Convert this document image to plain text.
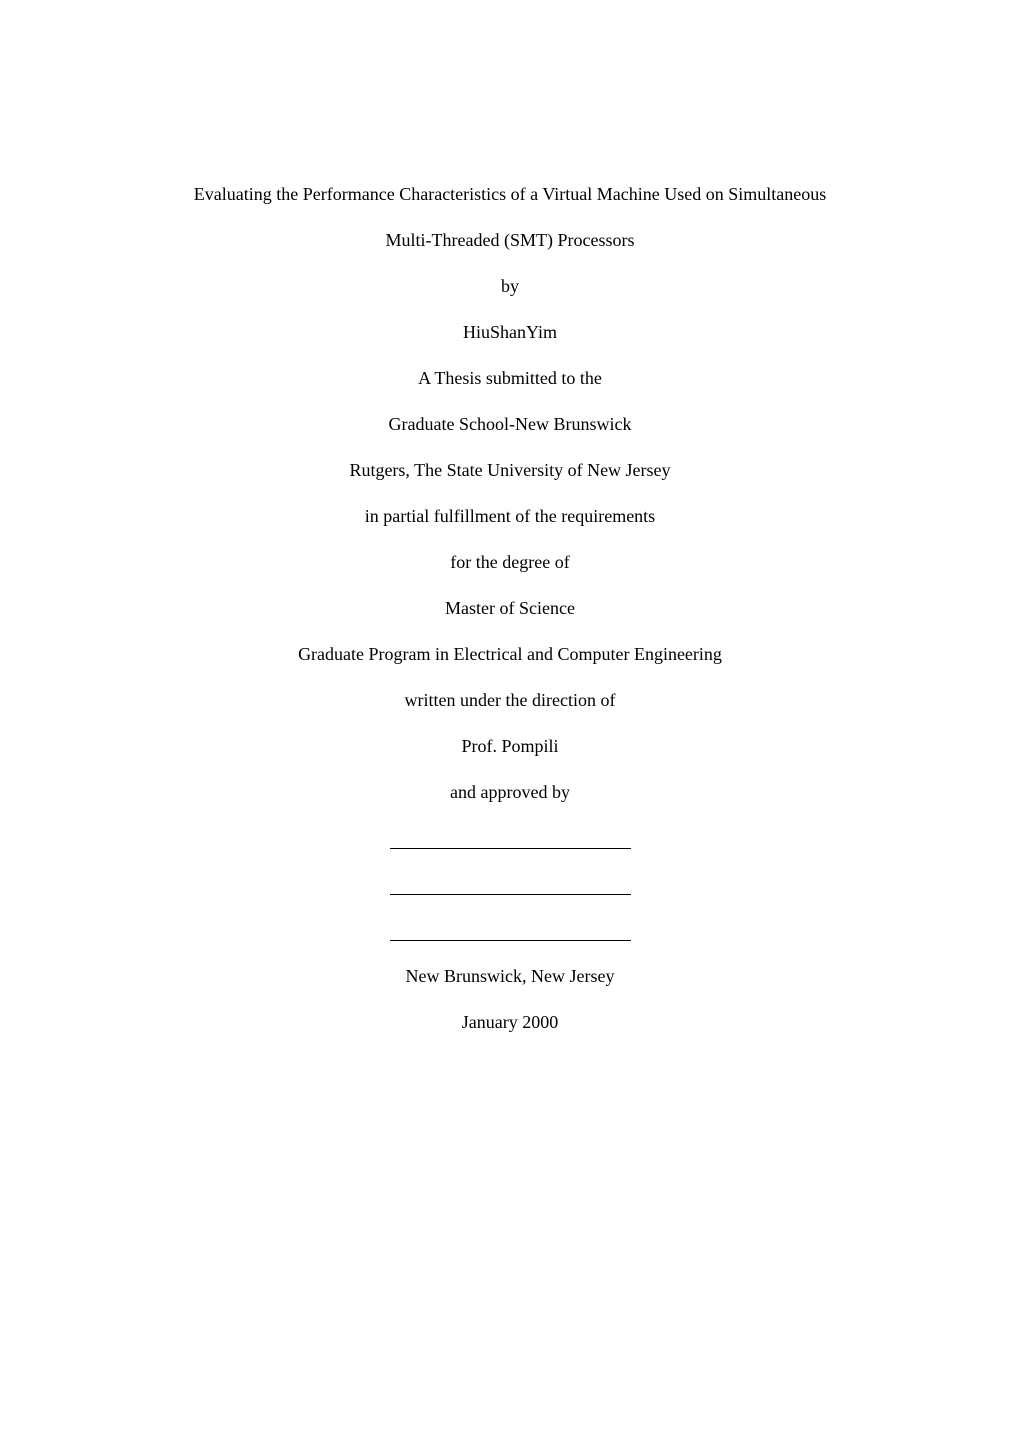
Evaluating the Performance Characteristics of a Virtual Machine Used on Simultaneous
Multi-Threaded (SMT) Processors
by
HiuShanYim
A Thesis submitted to the
Graduate School-New Brunswick
Rutgers, The State University of New Jersey
in partial fulfillment of the requirements
for the degree of
Master of Science
Graduate Program in Electrical and Computer Engineering
written under the direction of
Prof. Pompili
and approved by
New Brunswick, New Jersey
January 2000
